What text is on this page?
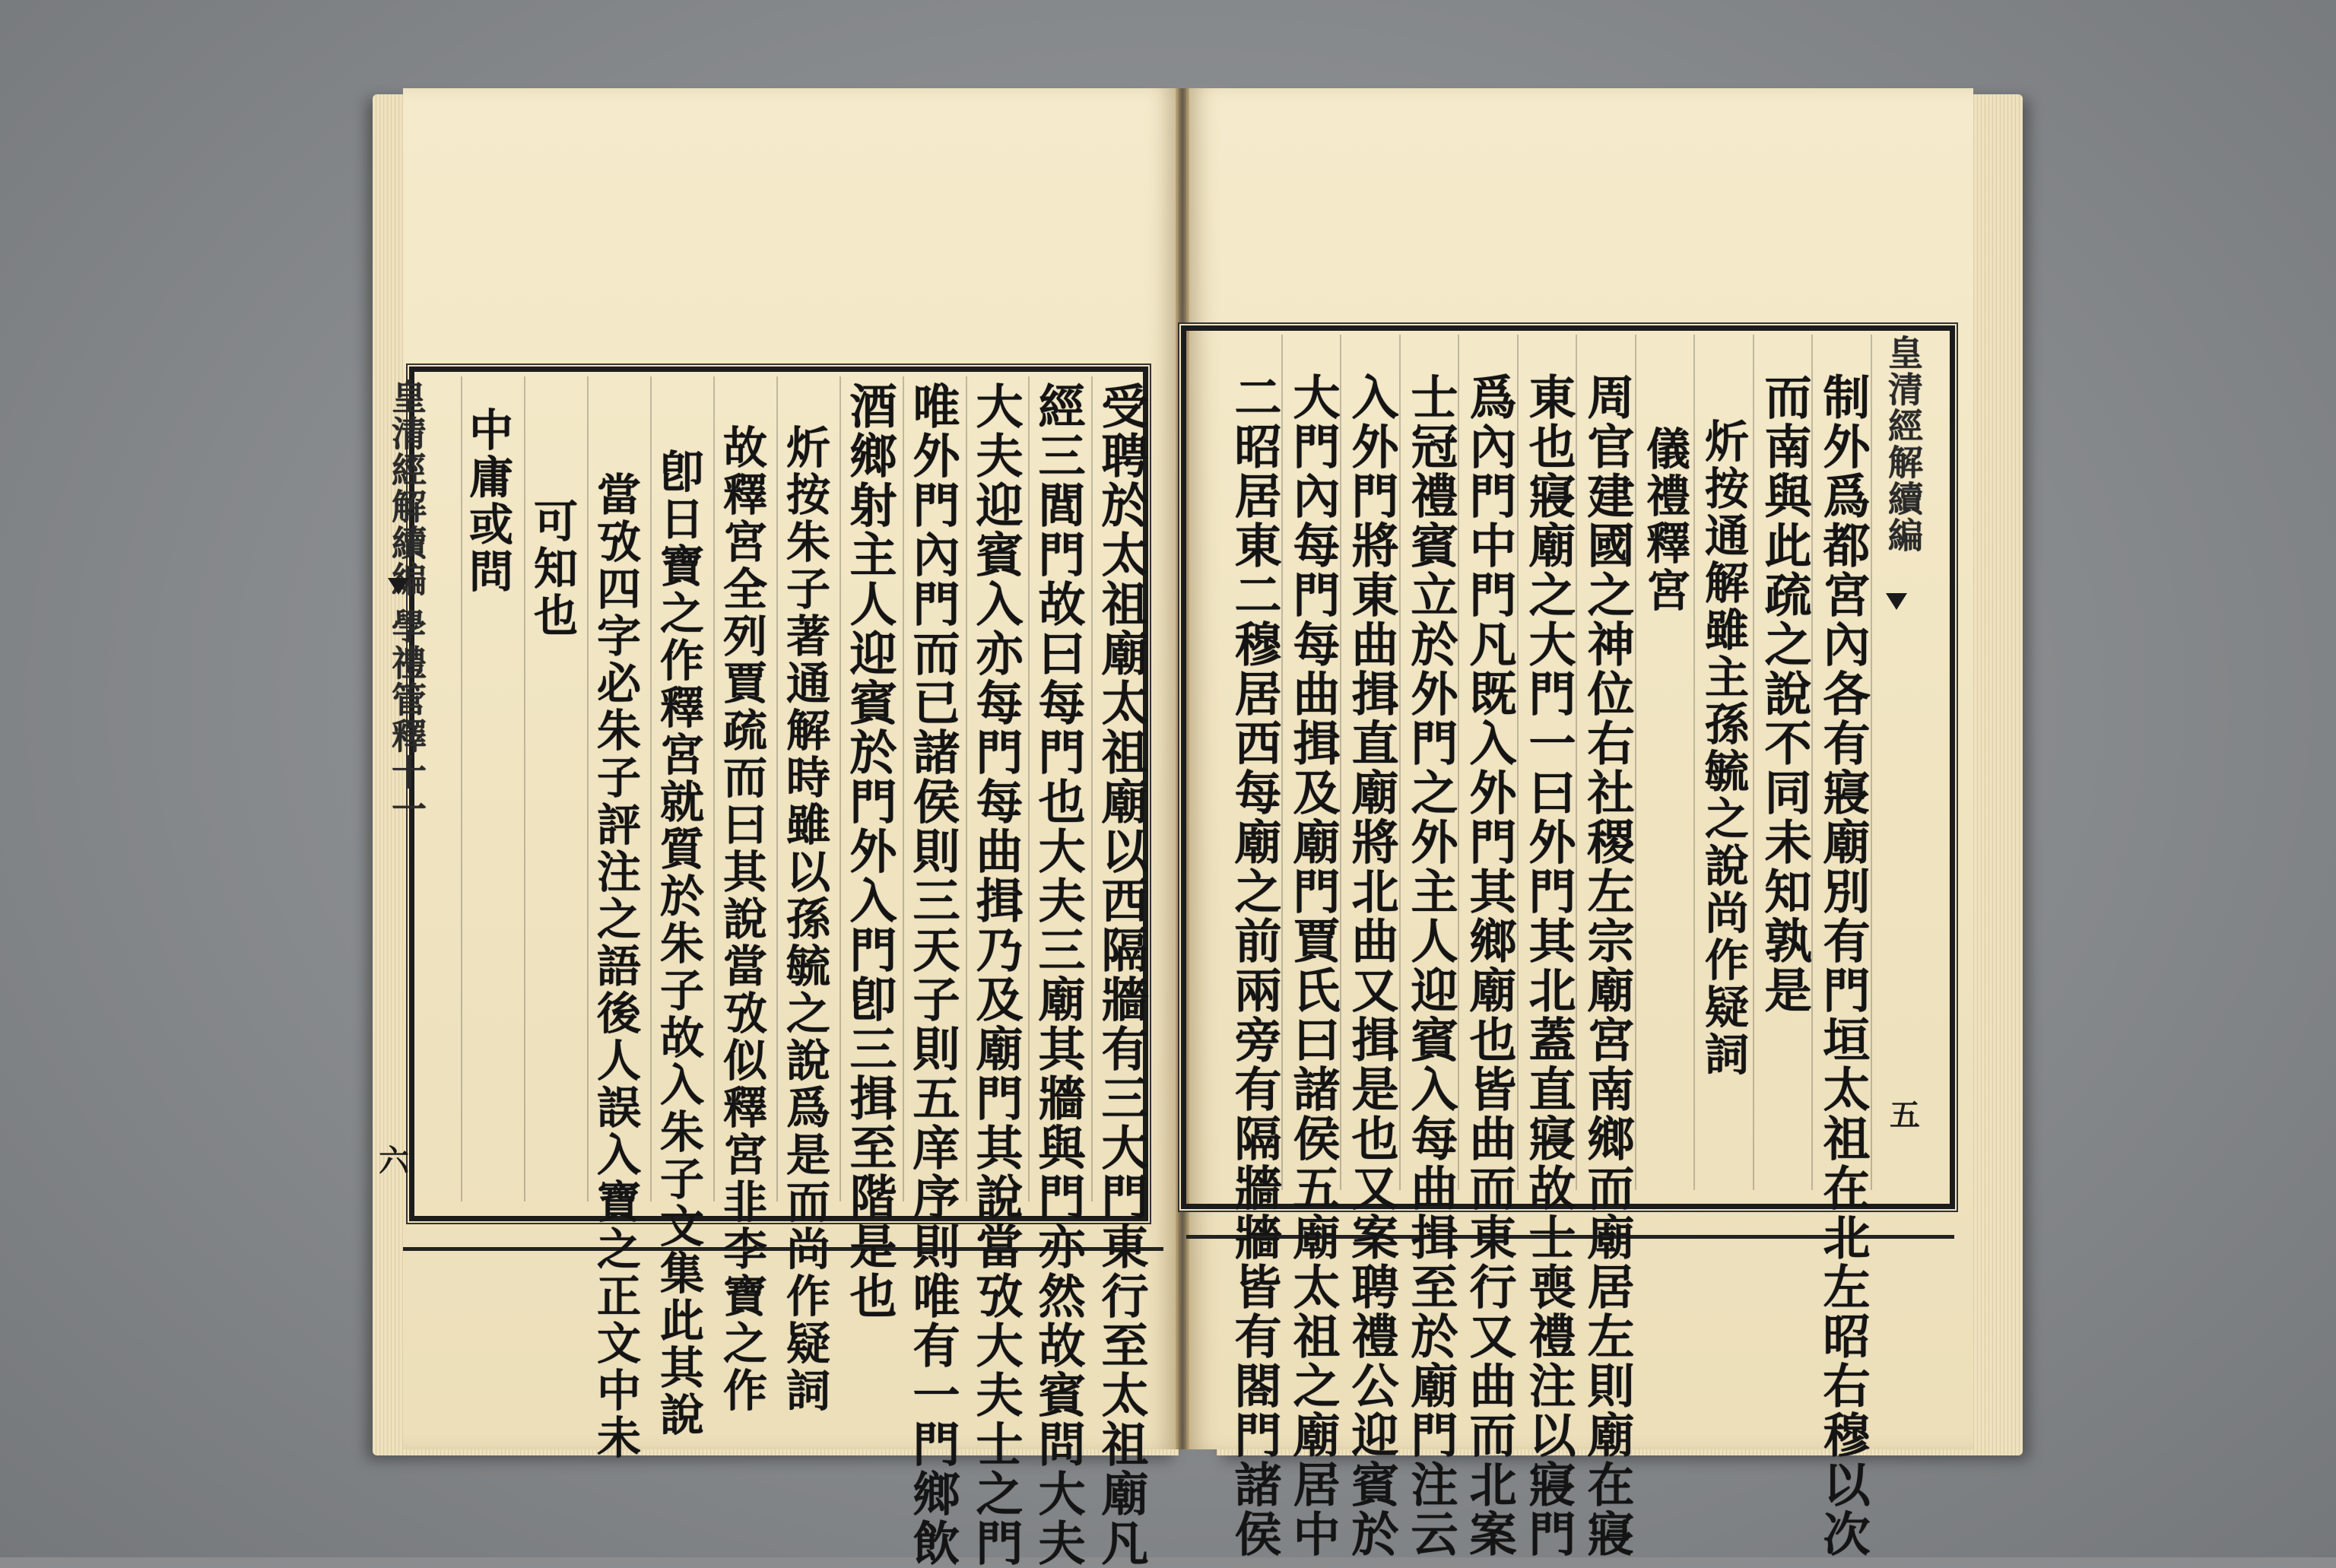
皇清經解續編
學禮管釋十一
六	受聘於太祖廟太祖廟以西隔牆有三大門東行至太祖廟凡
經三閭門故曰每門也大夫三廟其牆與門亦然故賓問大夫
大夫迎賓入亦每門每曲揖乃及廟門其說當攷大夫士之門
唯外門內門而已諸侯則三天子則五庠序則唯有一門鄉飲
酒鄉射主人迎賓於門外入門卽三揖至階是也
炘按朱子著通解時雖以孫毓之說爲是而尚作疑詞
故釋宮全列賈疏而曰其說當攷似釋宮非李寶之作
卽日寶之作釋宮就質於朱子故入朱子文集此其說
當攷四字必朱子評注之語後人誤入寶之正文中未
可知也
中庸或問	皇清經解續編
五
制外爲都宮內各有寢廟別有門垣太祖在北左昭右穆以次
而南與此疏之說不同未知孰是
炘按通解雖主孫毓之說尚作疑詞
儀禮釋宮
周官建國之神位右社稷左宗廟宮南鄉而廟居左則廟在寢
東也寢廟之大門一曰外門其北蓋直寢故士喪禮注以寢門
爲內門中門凡既入外門其鄉廟也皆曲而東行又曲而北案
士冠禮賓立於外門之外主人迎賓入每曲揖至於廟門注云
入外門將東曲揖直廟將北曲又揖是也又案聘禮公迎賓於
大門內每門每曲揖及廟門賈氏曰諸侯五廟太祖之廟居中
二昭居東二穆居西每廟之前兩旁有隔牆牆皆有閤門諸侯
